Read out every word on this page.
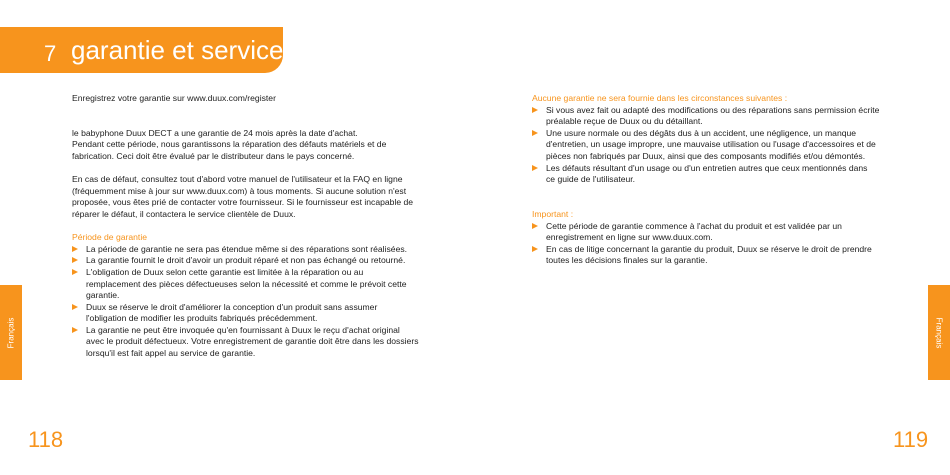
7 garantie et service
Français	Français
118	119

Enregistrez votre garantie sur www.duux.com/register

le babyphone Duux DECT a une garantie de 24 mois après la date d'achat.

Pendant cette période, nous garantissons la réparation des défauts matériels et de

fabrication. Ceci doit être évalué par le distributeur dans le pays concerné.

En cas de défaut, consultez tout d'abord votre manuel de l'utilisateur et la FAQ en ligne

(fréquemment mise à jour sur www.duux.com) à tous moments. Si aucune solution n'est

proposée, vous êtes prié de contacter votre fournisseur. Si le fournisseur est incapable de

réparer le défaut, il contactera le service clientèle de Duux.

Période de garantie

La période de garantie ne sera pas étendue même si des réparations sont réalisées.

La garantie fournit le droit d'avoir un produit réparé et non pas échangé ou retourné.

L'obligation de Duux selon cette garantie est limitée à la réparation ou au

remplacement des pièces défectueuses selon la nécessité et comme le prévoit cette

garantie.

Duux se réserve le droit d'améliorer la conception d'un produit sans assumer

l'obligation de modifier les produits fabriqués précédemment.

La garantie ne peut être invoquée qu'en fournissant à Duux le reçu d'achat original

avec le produit défectueux. Votre enregistrement de garantie doit être dans les dossiers

lorsqu'il est fait appel au service de garantie.

Aucune garantie ne sera fournie dans les circonstances suivantes :

Si vous avez fait ou adapté des modifications ou des réparations sans permission écrite

préalable reçue de Duux ou du détaillant.

Une usure normale ou des dégâts dus à un accident, une négligence, un manque

d'entretien, un usage impropre, une mauvaise utilisation ou l'usage d'accessoires et de

pièces non fabriqués par Duux, ainsi que des composants modifiés et/ou démontés.

Les défauts résultant d'un usage ou d'un entretien autres que ceux mentionnés dans

ce guide de l'utilisateur.

Important :

Cette période de garantie commence à l'achat du produit et est validée par un

enregistrement en ligne sur www.duux.com.

En cas de litige concernant la garantie du produit, Duux se réserve le droit de prendre

toutes les décisions finales sur la garantie.
